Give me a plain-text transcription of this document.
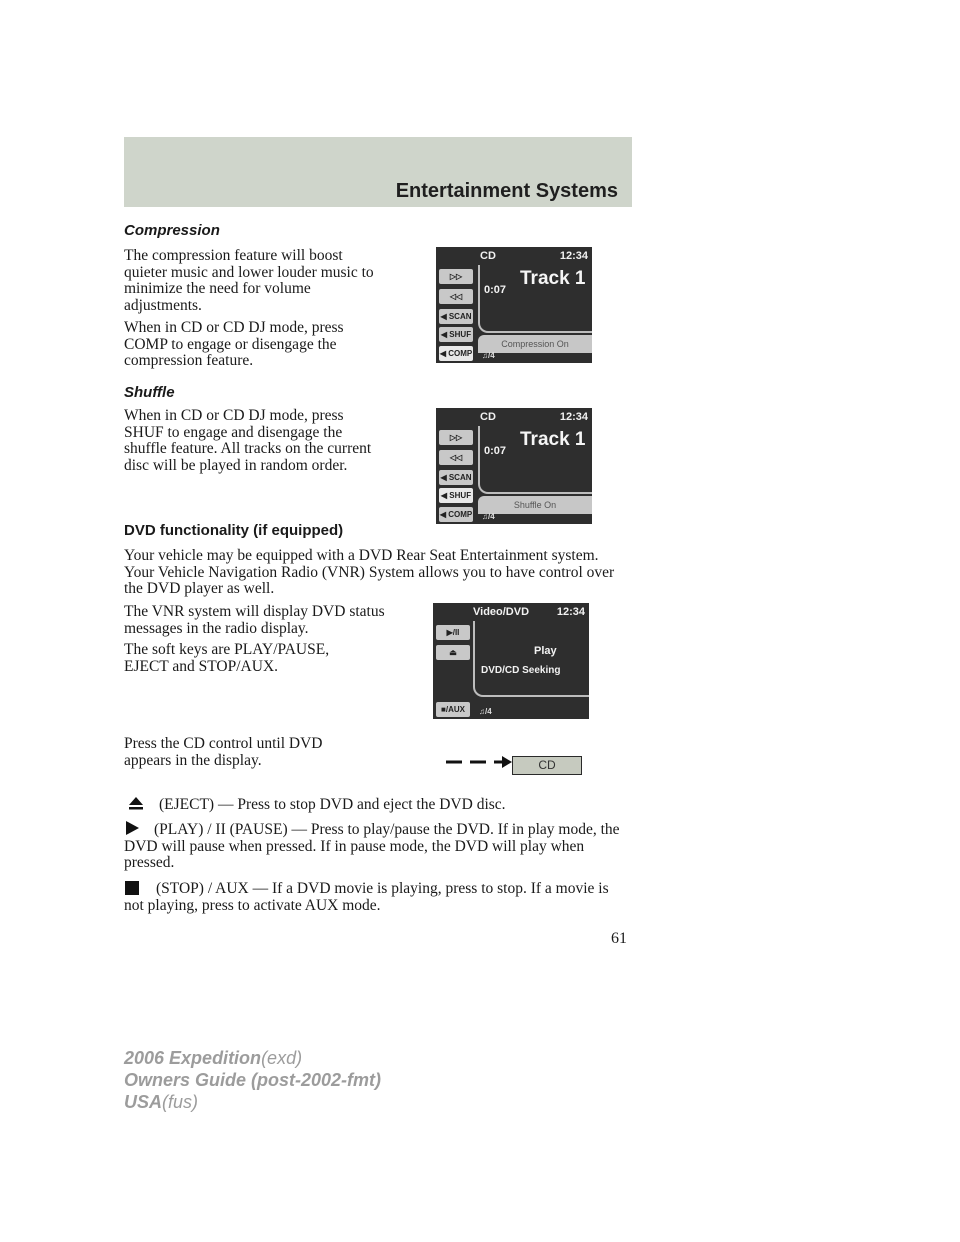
Entertainment Systems
Compression
The compression feature will boost quieter music and lower louder music to minimize the need for volume adjustments.
When in CD or CD DJ mode, press COMP to engage or disengage the compression feature.
CD	12:34
▷▷
◁◁
◀ SCAN
◀ SHUF
◀ COMP
0:07
Track 1
Compression On
♫/4
Shuffle
When in CD or CD DJ mode, press SHUF to engage and disengage the shuffle feature. All tracks on the current disc will be played in random order.
CD	12:34
▷▷
◁◁
◀ SCAN
◀ SHUF
◀ COMP
0:07
Track 1
Shuffle On
♫/4
DVD functionality (if equipped)
Your vehicle may be equipped with a DVD Rear Seat Entertainment system. Your Vehicle Navigation Radio (VNR) System allows you to have control over the DVD player as well.
The VNR system will display DVD status messages in the radio display.
The soft keys are PLAY/PAUSE, EJECT and STOP/AUX.
Video/DVD	12:34
▶/II
⏏
■/AUX
Play
DVD/CD Seeking
♫/4
Press the CD control until DVD appears in the display.	CD
(EJECT) — Press to stop DVD and eject the DVD disc.
(PLAY) / II (PAUSE) — Press to play/pause the DVD. If in play mode, the DVD will pause when pressed. If in pause mode, the DVD will play when pressed.
(STOP) / AUX — If a DVD movie is playing, press to stop. If a movie is not playing, press to activate AUX mode.
61
2006 Expedition(exd)
Owners Guide (post-2002-fmt)
USA(fus)
